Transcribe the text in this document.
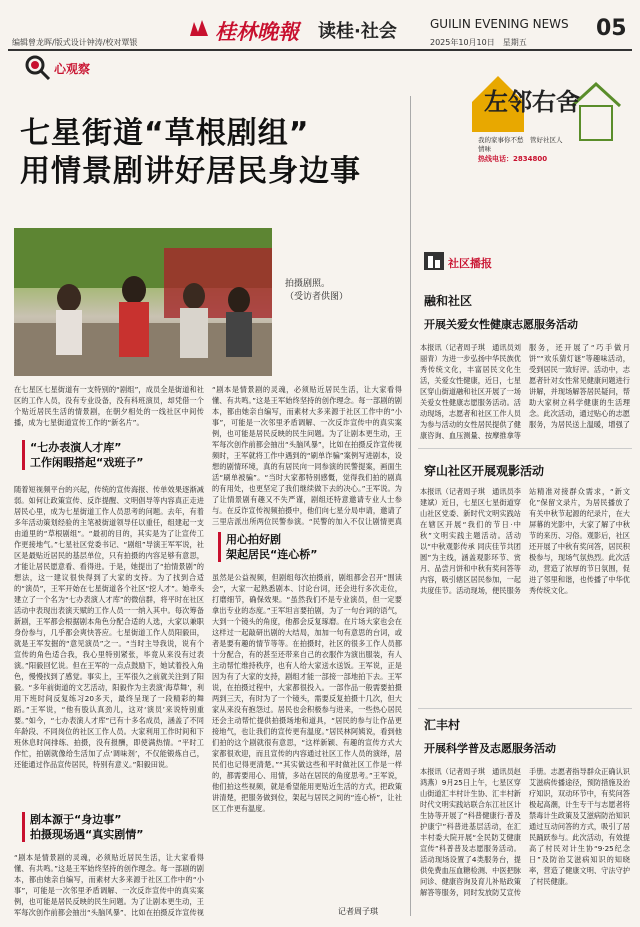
桂林晚報 读桂·社会	GUILIN EVENING NEWS
2025年10月10日　星期五
05
编辑曾龙晖/版式设计钟涛/校对覃银
心观察
七星街道“草根剧组”
用情景剧讲好居民身边事
拍摄剧照。
（受访者供图）
在七星区七星街道有一支特别的“剧组”，成员全是街道和社区的工作人员，没有专业设备，没有科班演员，却凭借一个个贴近居民生活的情景剧，在朝夕相处的一线社区中间传播，成为七星街道宣传工作的“新名片”。
“七办表演人才库”
工作闲暇搭起“戏班子”
随着短视频平台的兴起，传统的宣传海报、传单效果逐渐减弱。如何让政策宣传、反诈提醒、文明倡导等内容真正走进居民心里，成为七星街道工作人员思考的问题。去年，有着多年活动策划经验的主笔被街道领导任以重任，组建起一支由道里的“草根剧组”。“最初的目的，其实是为了让宣传工作更接地气。”七星社区党委书记、“剧组”导演王军军说，社区是最贴近居民的基层单位，只有拍摄的内容足够有意思，才能让居民愿意看、看得进。于是，她提出了“拍情景剧”的想法，这一建议很快得到了大家的支持。为了找到合适的“演员”，王军开始在七星街道各个社区“挖人才”。她牵头建立了一个名为“七办表演人才库”的微信群，将平时在社区活动中表现出表演天赋的工作人员一一纳入其中。每次筹备新剧，王军都会根据剧本角色分配合适的人选，大家以兼职身份参与，几乎都会爽快答应。七星街道工作人员阳毅田，就是王军发掘的“意见演员”之一。“当时主导我说，说有个宣传的角色适合我，我心里特别紧张，毕竟从来没有过表演。”阳毅回忆说。但在王军的一点点鼓励下，她试着投入角色，慢慢找到了感觉。事实上，王军很久之前就关注到了阳毅。“多年前街道的文艺活动，阳毅作为主表演‘海草舞’，利用下班时间反复练习20多天，最终呈现了一段精彩的舞蹈。”王军说，“他有股认真劲儿，这对‘演员’来说特别重要。”如今，“七办表演人才库”已有十多名成员，涵盖了不同年龄段、不同岗位的社区工作人员。大家利用工作时间和下班休息时间排练、拍摄，没有报酬，即使满热情。“平时工作忙，拍剧就像给生活加了点‘调味剂’，不仅能锻炼自己，还能通过作品宣传居民，特别有意义。”阳毅田说。
剧本源于“身边事”
拍摄现场遇“真实剧情”
“剧本是情景剧的灵魂，必须贴近居民生活，让大家看得懂、有共鸣。”这是王军始终坚持的创作理念。每一部剧的剧本，都由她亲自编写，而素材大多来源于社区工作中的“小事”，可能是一次邻里矛盾调解、一次反诈宣传中的真实案例，也可能是居民反映的民生问题。为了让剧本更生动，王军每次创作前都会抽出“头脑风暴”，比如在拍摄反诈宣传视
“剧本是情景剧的灵魂，必须贴近居民生活，让大家看得懂、有共鸣。”这是王军始终坚持的创作理念。每一部剧的剧本，都由她亲自编写，而素材大多来源于社区工作中的“小事”，可能是一次邻里矛盾调解、一次反诈宣传中的真实案例，也可能是居民反映的民生问题。为了让剧本更生动，王军每次创作前都会抽出“头脑风暴”，比如在拍摄反诈宣传视频时，王军就将工作中遇到的“刷单诈骗”案例写进剧本，设想的剧情环境，真的有居民向一同参演的民警提案，画面生活“刷单被骗”。“当时大家都特别感慨，觉得我们拍的剧真的有用处，也更坚定了我们继续做下去的决心。”王军说。为了让情景剧有趣又不失严谨，剧组还特意邀请专业人士参与。在反诈宣传视频拍摄中，他们向七星分局申请，邀请了三里店派出所两位民警参演。“民警的加入不仅让剧情更真
用心拍好剧
架起居民“连心桥”
虽然是公益视频，但剧组每次拍摄前，剧组都会召开“围读会”，大家一起熟悉剧本、讨论台词，还会进行多次走位，打磨细节，确保效果。“虽然我们不是专业演员，但一定要拿出专业的态度。”王军坦言要拍剧，为了一句台词的语气，大到一个镜头的角度，他都会反复琢磨。在片场大家也会在这样过一起敲研出剧的大结局，加加一句有意思的台词，或者是要有趣的情节等等。在拍摄时，社区的很多工作人员都十分配合，有的甚至还带来自己的衣服作为演出服装，有人主动帮忙维持秩序，也有人给大家送水送饭。王军说，正是因为有了大家的支持，剧组才能一部接一部地拍下去。王军说，在拍摄过程中，大家都很投入。一部作品一般需要拍摄两到三天，有时为了一个镜头，需要反复拍摄十几次，但大家从来没有抱怨过。居民也会积极参与进来，一些热心居民还会主动帮忙提供拍摄场地和道具，“居民的参与让作品更接地气，也让我们的宣传更有温度。”居民林阿姨说，看到他们拍的这个剧就很有意思，“这样新颖、有趣的宣传方式大家都很欢迎，而且宣传的内容通过社区工作人员的演绎，居民们也记得更清楚。”“其实做这些和平时做社区工作是一样的，都需要用心、用情，多站在居民的角度思考。”王军说，他们拍这些视频，就是希望能用更贴近生活的方式，把政策讲清楚，把服务做到位，架起与居民之间的“连心桥”，让社区工作更有温度。
记者周子琪
左邻右舍
我的家事你不愁　管好社区人情味
热线电话：2834800
社区播报
融和社区
开展关爱女性健康志愿服务活动
本报讯（记者周子琪　通讯员刘丽青）为进一步弘扬中华民族优秀传统文化，丰富居民文化生活，关爱女性健康，近日，七星区穿山街道融和社区开展了一场关爱女性健康志愿服务活动。活动现场，志愿者和社区工作人员为参与活动的女性居民提供了健康咨询、血压测量、按摩推拿等服务，还开展了“巧手做月饼”“欢乐猜灯谜”等趣味活动，受到居民一致好评。活动中，志愿者针对女性常见健康问题进行讲解，并现场解答居民疑问，帮助大家树立科学健康的生活理念。此次活动，通过贴心的志愿服务，为居民送上温暖，增强了
穿山社区开展观影活动
本报讯（记者周子琪　通讯员李建斌）近日，七星区七星街道穿山社区党委、新时代文明实践站在辖区开展“我们的节日·中秋”文明实践主题活动。活动以“中秋观影传承 同庆佳节共团圆”为主线，涵盖观影环节、赏月、品尝月饼和中秋有奖问答等内容，吸引辖区居民参加，一起共度佳节。活动现场，便民服务站精准对接群众需求，“新文化”保留文录片，为居民播放了有关中秋节起源的纪录片，在大屏幕的光影中，大家了解了中秋节的来历、习俗。观影后，社区还开展了中秋有奖问答，居民积极参与，现场气氛热烈。此次活动，营造了浓厚的节日氛围，促进了邻里和谐，也传播了中华优秀传统文化。
汇丰村
开展科学普及志愿服务活动
本报讯（记者周子琪　通讯员赵鸿燕）9月25日上午，七星区穿山街道汇丰村计生协、汇丰村新时代文明实践站联合东江社区计生协等开展了“科普健康行·普及护康宁”科普进基层活动，在汇丰村委大院开展“全民防艾健康宣传”科普普及志愿服务活动。活动现场设置了4类服务台，提供免费血压血糖检测、中医把脉问诊、健康咨询及育儿补贴政策解答等服务，同时发放防艾宣传手册。志愿者指导群众正确认识艾滋病传播途径，预防措施及治疗知识，双动环节中，有奖问答极起高潮，计生专干与志愿者将禁毒计生政策及艾滋病防治知识通过互动问答的方式，吸引了居民踊跃参与。此次活动，有效提高了村民对计生协“9·25纪念日”及防治艾滋病知识的知晓率，营造了健康文明、守法守护了村民健康。
